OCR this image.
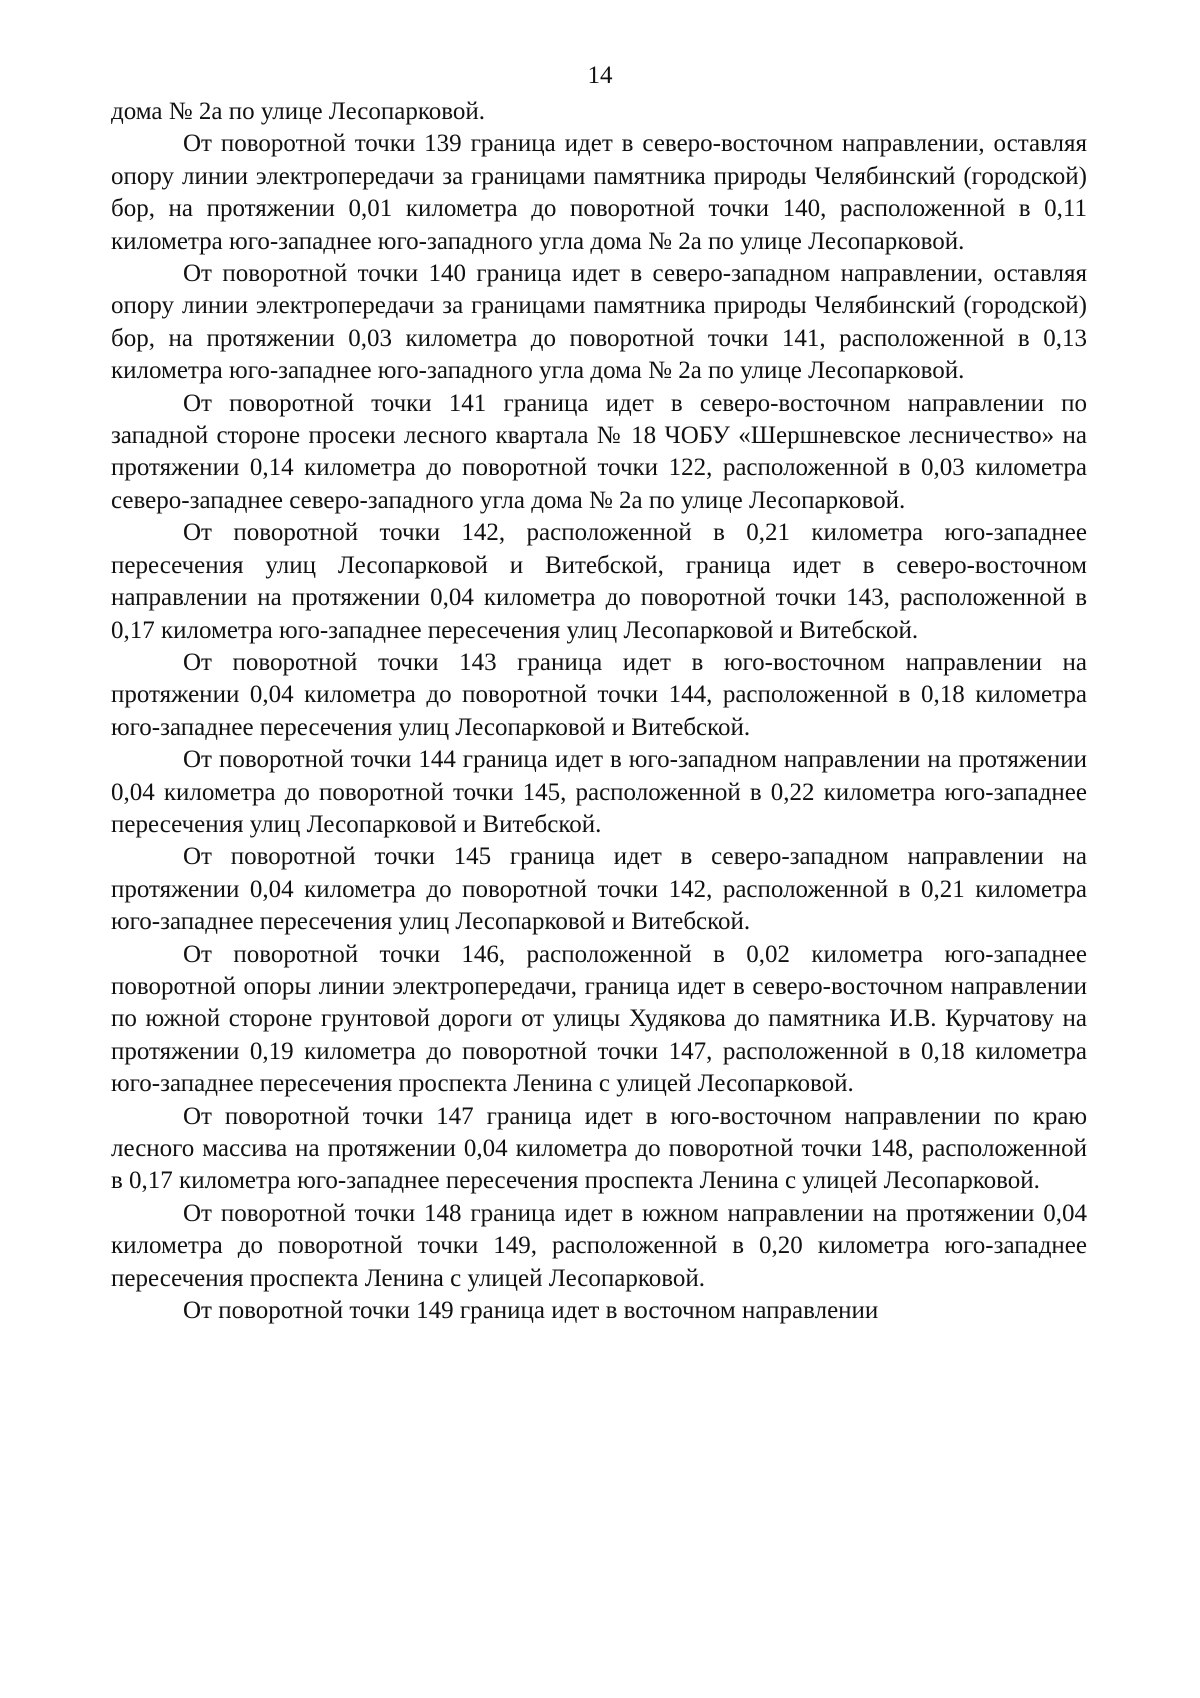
14

дома № 2а по улице Лесопарковой.

От поворотной точки 139 граница идет в северо-восточном направлении, оставляя опору линии электропередачи за границами памятника природы Челябинский (городской) бор, на протяжении 0,01 километра до поворотной точки 140, расположенной в 0,11 километра юго-западнее юго-западного угла дома № 2а по улице Лесопарковой.

От поворотной точки 140 граница идет в северо-западном направлении, оставляя опору линии электропередачи за границами памятника природы Челябинский (городской) бор, на протяжении 0,03 километра до поворотной точки 141, расположенной в 0,13 километра юго-западнее юго-западного угла дома № 2а по улице Лесопарковой.

От поворотной точки 141 граница идет в северо-восточном направлении по западной стороне просеки лесного квартала № 18 ЧОБУ «Шершневское лесничество» на протяжении 0,14 километра до поворотной точки 122, расположенной в 0,03 километра северо-западнее северо-западного угла дома № 2а по улице Лесопарковой.

От поворотной точки 142, расположенной в 0,21 километра юго-западнее пересечения улиц Лесопарковой и Витебской, граница идет в северо-восточном направлении на протяжении 0,04 километра до поворотной точки 143, расположенной в 0,17 километра юго-западнее пересечения улиц Лесопарковой и Витебской.

От поворотной точки 143 граница идет в юго-восточном направлении на протяжении 0,04 километра до поворотной точки 144, расположенной в 0,18 километра юго-западнее пересечения улиц Лесопарковой и Витебской.

От поворотной точки 144 граница идет в юго-западном направлении на протяжении 0,04 километра до поворотной точки 145, расположенной в 0,22 километра юго-западнее пересечения улиц Лесопарковой и Витебской.

От поворотной точки 145 граница идет в северо-западном направлении на протяжении 0,04 километра до поворотной точки 142, расположенной в 0,21 километра юго-западнее пересечения улиц Лесопарковой и Витебской.

От поворотной точки 146, расположенной в 0,02 километра юго-западнее поворотной опоры линии электропередачи, граница идет в северо-восточном направлении по южной стороне грунтовой дороги от улицы Худякова до памятника И.В. Курчатову на протяжении 0,19 километра до поворотной точки 147, расположенной в 0,18 километра юго-западнее пересечения проспекта Ленина с улицей Лесопарковой.

От поворотной точки 147 граница идет в юго-восточном направлении по краю лесного массива на протяжении 0,04 километра до поворотной точки 148, расположенной в 0,17 километра юго-западнее пересечения проспекта Ленина с улицей Лесопарковой.

От поворотной точки 148 граница идет в южном направлении на протяжении 0,04 километра до поворотной точки 149, расположенной в 0,20 километра юго-западнее пересечения проспекта Ленина с улицей Лесопарковой.

От поворотной точки 149 граница идет в восточном направлении
